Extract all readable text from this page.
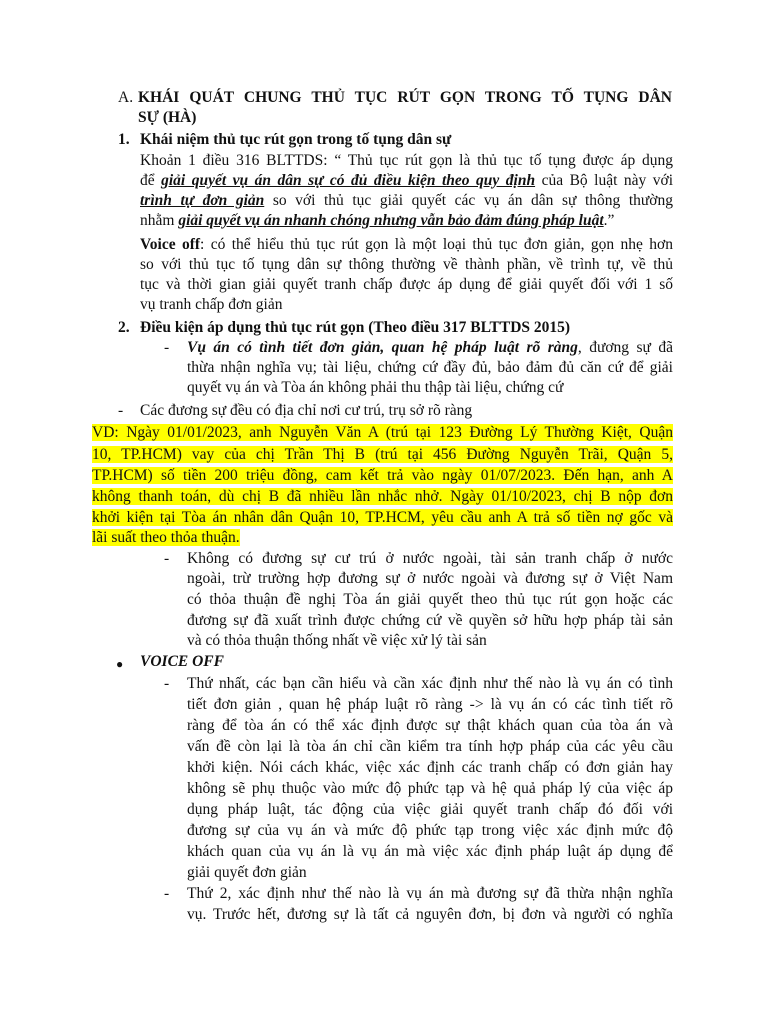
A. KHÁI QUÁT CHUNG THỦ TỤC RÚT GỌN TRONG TỐ TỤNG DÂN
SỰ (HÀ)
1. Khái niệm thủ tục rút gọn trong tố tụng dân sự
Khoản 1 điều 316 BLTTDS: “ Thủ tục rút gọn là thủ tục tố tụng được áp dụng
để giải quyết vụ án dân sự có đủ điều kiện theo quy định của Bộ luật này với
trình tự đơn giản so với thủ tục giải quyết các vụ án dân sự thông thường
nhằm giải quyết vụ án nhanh chóng nhưng vẫn bảo đảm đúng pháp luật.”
Voice off: có thể hiểu thủ tục rút gọn là một loại thủ tục đơn giản, gọn nhẹ hơn
so với thủ tục tố tụng dân sự thông thường về thành phần, về trình tự, về thủ
tục và thời gian giải quyết tranh chấp được áp dụng để giải quyết đối với 1 số
vụ tranh chấp đơn giản
2. Điều kiện áp dụng thủ tục rút gọn (Theo điều 317 BLTTDS 2015)
- Vụ án có tình tiết đơn giản, quan hệ pháp luật rõ ràng, đương sự đã
thừa nhận nghĩa vụ; tài liệu, chứng cứ đầy đủ, bảo đảm đủ căn cứ để giải
quyết vụ án và Tòa án không phải thu thập tài liệu, chứng cứ
- Các đương sự đều có địa chỉ nơi cư trú, trụ sở rõ ràng
VD: Ngày 01/01/2023, anh Nguyễn Văn A (trú tại 123 Đường Lý Thường Kiệt, Quận
10, TP.HCM) vay của chị Trần Thị B (trú tại 456 Đường Nguyễn Trãi, Quận 5,
TP.HCM) số tiền 200 triệu đồng, cam kết trả vào ngày 01/07/2023. Đến hạn, anh A
không thanh toán, dù chị B đã nhiều lần nhắc nhở. Ngày 01/10/2023, chị B nộp đơn
khởi kiện tại Tòa án nhân dân Quận 10, TP.HCM, yêu cầu anh A trả số tiền nợ gốc và
lãi suất theo thỏa thuận.
- Không có đương sự cư trú ở nước ngoài, tài sản tranh chấp ở nước
ngoài, trừ trường hợp đương sự ở nước ngoài và đương sự ở Việt Nam
có thỏa thuận đề nghị Tòa án giải quyết theo thủ tục rút gọn hoặc các
đương sự đã xuất trình được chứng cứ về quyền sở hữu hợp pháp tài sản
và có thỏa thuận thống nhất về việc xử lý tài sản
● VOICE OFF
- Thứ nhất, các bạn cần hiểu và cần xác định như thế nào là vụ án có tình
tiết đơn giản , quan hệ pháp luật rõ ràng -> là vụ án có các tình tiết rõ
ràng để tòa án có thể xác định được sự thật khách quan của tòa án và
vấn đề còn lại là tòa án chỉ cần kiểm tra tính hợp pháp của các yêu cầu
khởi kiện. Nói cách khác, việc xác định các tranh chấp có đơn giản hay
không sẽ phụ thuộc vào mức độ phức tạp và hệ quả pháp lý của việc áp
dụng pháp luật, tác động của việc giải quyết tranh chấp đó đối với
đương sự của vụ án và mức độ phức tạp trong việc xác định mức độ
khách quan của vụ án là vụ án mà việc xác định pháp luật áp dụng để
giải quyết đơn giản
- Thứ 2, xác định như thế nào là vụ án mà đương sự đã thừa nhận nghĩa
vụ. Trước hết, đương sự là tất cả nguyên đơn, bị đơn và người có nghĩa
